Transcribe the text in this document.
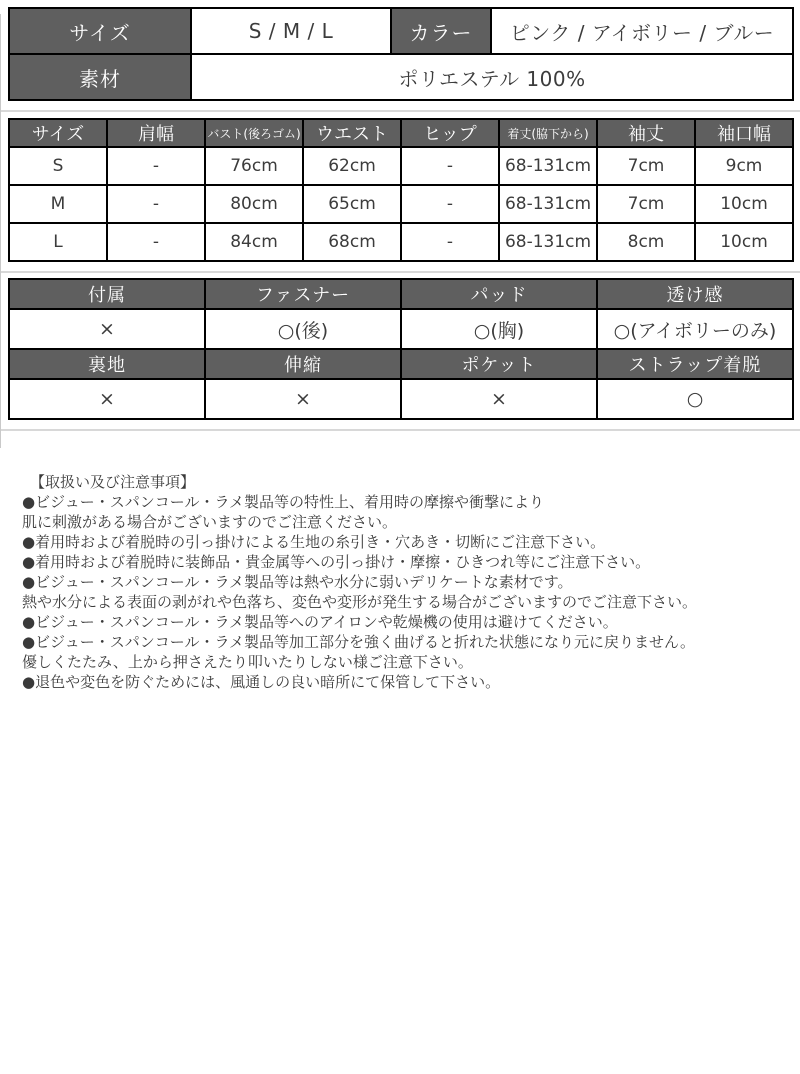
サイズ	S / M / L	カラー	ピンク / アイボリー / ブルー
素材	ポリエステル 100%		
サイズ	肩幅	バスト(後ろゴム)	ウエスト	ヒップ	着丈(脇下から)	袖丈	袖口幅
S	-	76cm	62cm	-	68-131cm	7cm	9cm
M	-	80cm	65cm	-	68-131cm	7cm	10cm
L	-	84cm	68cm	-	68-131cm	8cm	10cm
付属	ファスナー	パッド	透け感
×	○(後)	○(胸)	○(アイボリーのみ)
裏地	伸縮	ポケット	ストラップ着脱
×	×	×	○
【取扱い及び注意事項】
●ビジュー・スパンコール・ラメ製品等の特性上、着用時の摩擦や衝撃により
肌に刺激がある場合がございますのでご注意ください。
●着用時および着脱時の引っ掛けによる生地の糸引き・穴あき・切断にご注意下さい。
●着用時および着脱時に装飾品・貴金属等への引っ掛け・摩擦・ひきつれ等にご注意下さい。
●ビジュー・スパンコール・ラメ製品等は熱や水分に弱いデリケートな素材です。
熱や水分による表面の剥がれや色落ち、変色や変形が発生する場合がございますのでご注意下さい。
●ビジュー・スパンコール・ラメ製品等へのアイロンや乾燥機の使用は避けてください。
●ビジュー・スパンコール・ラメ製品等加工部分を強く曲げると折れた状態になり元に戻りません。
優しくたたみ、上から押さえたり叩いたりしない様ご注意下さい。
●退色や変色を防ぐためには、風通しの良い暗所にて保管して下さい。
